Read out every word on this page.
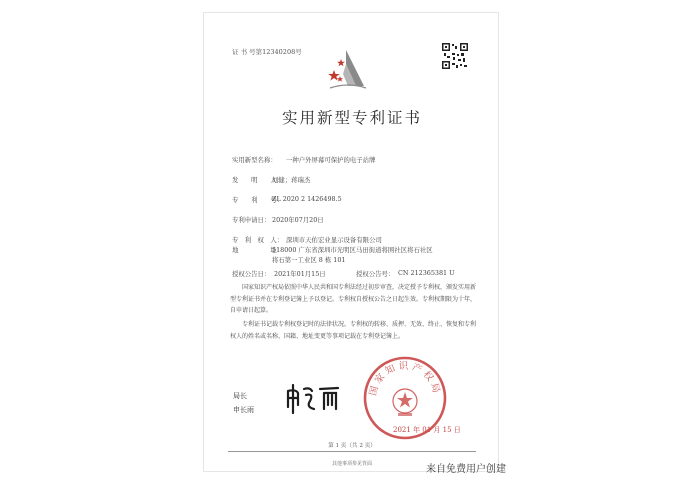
证 书 号第12340208号
实用新型专利证书
实用新型名称： 一种户外屏幕可保护的电子站牌
发　　明　　人：
刘健；蒋瑞杰
专　　利　　号：
ZL 2020 2 1426498.5
专利申请日： 2020年07月20日
专　利　权　人： 深圳市天佑宏业显示设备有限公司
地　　　　　址：
518000 广东省深圳市光明区马田街道将围社区将石社区
将石第一工业区 8 栋 101
授权公告日： 2021年01月15日	授权公告号： CN 212365381 U
国家知识产权局依照中华人民共和国专利法经过初步审查，决定授予专利权，颁发实用新型专利证书并在专利登记簿上予以登记。专利权自授权公告之日起生效。专利权期限为十年，自申请日起算。
专利证书记载专利权登记时的法律状况。专利权的转移、质押、无效、终止、恢复和专利权人的姓名或名称、国籍、地址变更等事项记载在专利登记簿上。
局长
申长雨
国家知识产权局
2021 年 01 月 15 日
第 1 页（共 2 页）
其他事项参见背面	来自免费用户创建
